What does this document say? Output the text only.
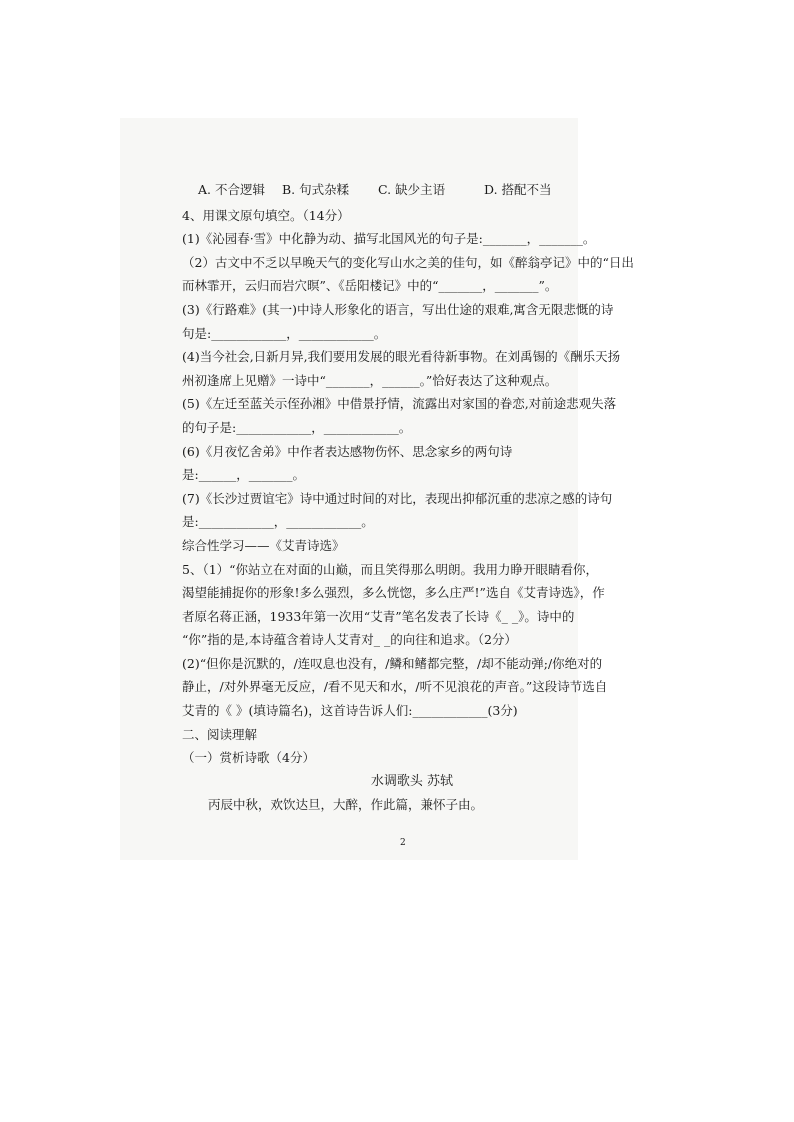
A. 不合逻辑	B. 句式杂糅	C. 缺少主语	D. 搭配不当
4、用课文原句填空。（14分）
(1)《沁园春·雪》中化静为动、描写北国风光的句子是:_______，_______。
（2）古文中不乏以早晚天气的变化写山水之美的佳句，如《醉翁亭记》中的“日出
而林霏开，云归而岩穴暝”、《岳阳楼记》中的“_______，_______”。
(3)《行路难》(其一)中诗人形象化的语言，写出仕途的艰难,寓含无限悲慨的诗
句是:____________，____________。
(4)当今社会,日新月异,我们要用发展的眼光看待新事物。在刘禹锡的《酬乐天扬
州初逢席上见赠》一诗中“_______，______。”恰好表达了这种观点。
(5)《左迁至蓝关示侄孙湘》中借景抒情，流露出对家国的眷恋,对前途悲观失落
的句子是:____________，____________。
(6)《月夜忆舍弟》中作者表达感物伤怀、思念家乡的两句诗
是:______，_______。
(7)《长沙过贾谊宅》诗中通过时间的对比，表现出抑郁沉重的悲凉之感的诗句
是:____________，____________。
综合性学习——《艾青诗选》
5、（1）“你站立在对面的山巅，而且笑得那么明朗。我用力睁开眼睛看你，
渴望能捕捉你的形象!多么强烈，多么恍惚，多么庄严!”选自《艾青诗选》，作
者原名蒋正涵，1933年第一次用“艾青”笔名发表了长诗《_ _》。诗中的
“你”指的是,本诗蕴含着诗人艾青对_ _的向往和追求。（2分）
(2)“但你是沉默的，/连叹息也没有，/鳞和鳍都完整，/却不能动弹;/你绝对的
静止，/对外界毫无反应，/看不见天和水，/听不见浪花的声音。”这段诗节选自
艾青的《 》(填诗篇名)，这首诗告诉人们:____________(3分)
二、阅读理解
（一）赏析诗歌（4分）
水调歌头 苏轼
丙辰中秋，欢饮达旦，大醉，作此篇，兼怀子由。
2
